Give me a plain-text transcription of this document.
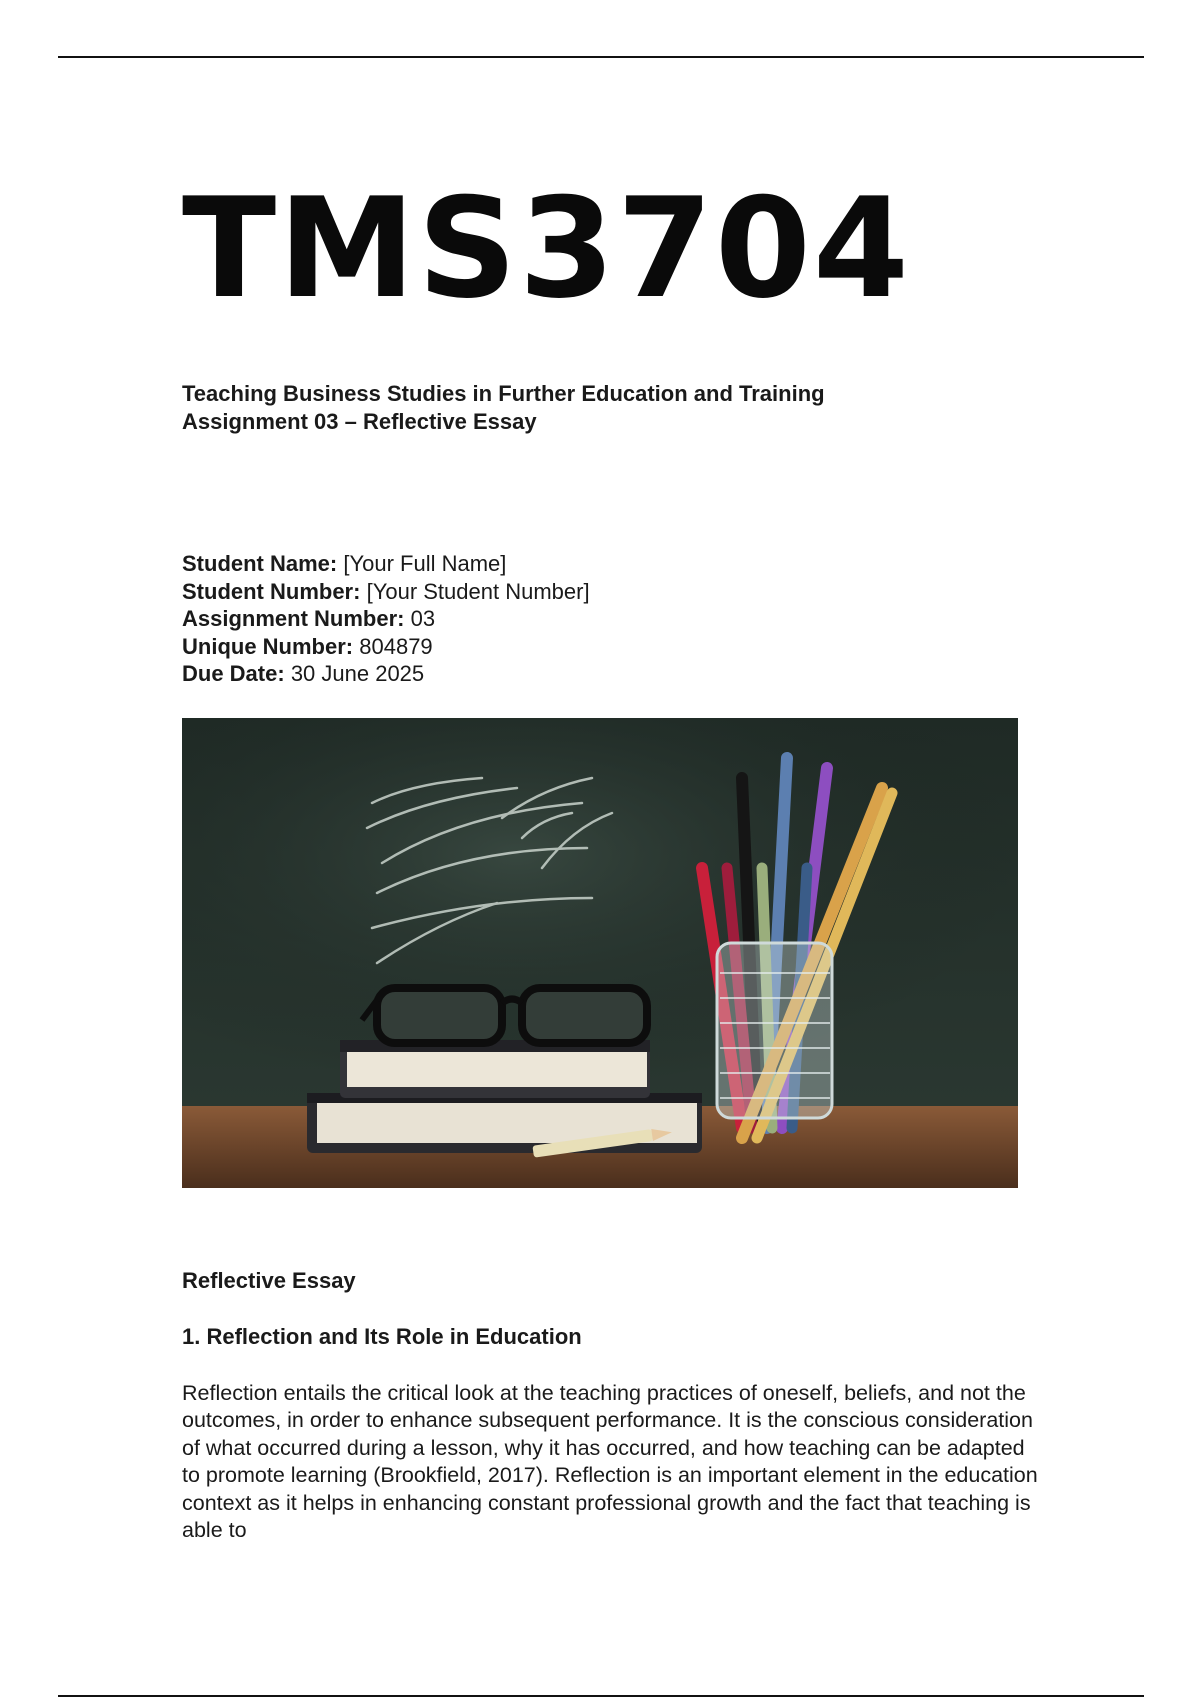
TMS3704
Teaching Business Studies in Further Education and Training
Assignment 03 – Reflective Essay
Student Name: [Your Full Name]
Student Number: [Your Student Number]
Assignment Number: 03
Unique Number: 804879
Due Date: 30 June 2025
Reflective Essay
1. Reflection and Its Role in Education

Reflection entails the critical look at the teaching practices of oneself, beliefs, and not the outcomes, in order to enhance subsequent performance. It is the conscious consideration of what occurred during a lesson, why it has occurred, and how teaching can be adapted to promote learning (Brookfield, 2017). Reflection is an important element in the education context as it helps in enhancing constant professional growth and the fact that teaching is able to
